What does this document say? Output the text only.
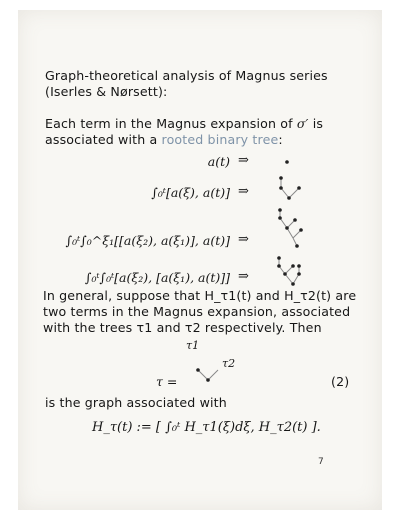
Graph-theoretical analysis of Magnus series
(Iserles & Nørsett):
Each term in the Magnus expansion of σ′ is
associated with a rooted binary tree:
a(t) ⇒
∫₀ᵗ[a(ξ), a(t)] ⇒
∫₀ᵗ∫₀^ξ₁[[a(ξ₂), a(ξ₁)], a(t)] ⇒
∫₀ᵗ∫₀ᵗ[a(ξ₂), [a(ξ₁), a(t)]] ⇒
In general, suppose that H_τ1(t) and H_τ2(t) are
two terms in the Magnus expansion, associated
with the trees τ1 and τ2 respectively. Then
τ1
τ2
τ =	(2)
is the graph associated with
H_τ(t) := [ ∫₀ᵗ H_τ1(ξ)dξ, H_τ2(t) ].
7
